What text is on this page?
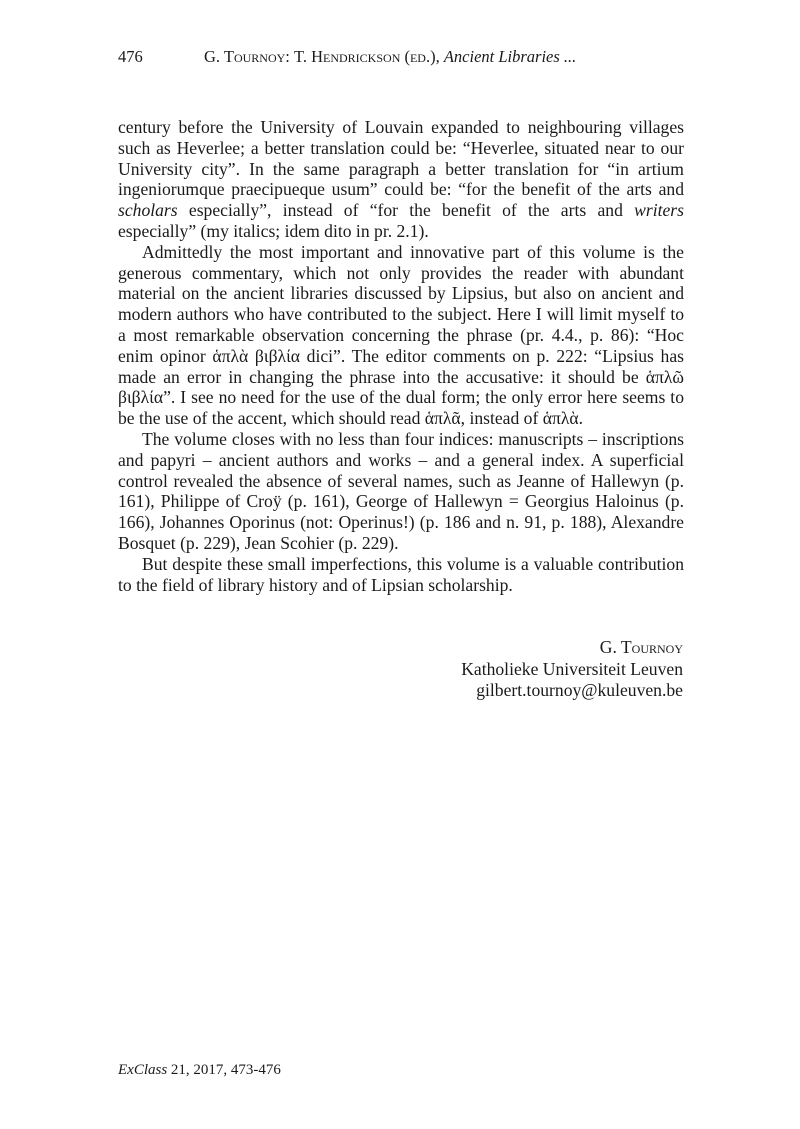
476	G. Tournoy: T. Hendrickson (ed.), Ancient Libraries ...

century before the University of Louvain expanded to neighbouring villages such as Heverlee; a better translation could be: “Heverlee, situated near to our University city”. In the same paragraph a better translation for “in artium ingeniorumque praecipueque usum” could be: “for the benefit of the arts and scholars especially”, instead of “for the benefit of the arts and writers especially” (my italics; idem dito in pr. 2.1).

Admittedly the most important and innovative part of this volume is the generous commentary, which not only provides the reader with abundant material on the ancient libraries discussed by Lipsius, but also on ancient and modern authors who have contributed to the subject. Here I will limit myself to a most remarkable observation concerning the phrase (pr. 4.4., p. 86): “Hoc enim opinor ἁπλὰ βιβλία dici”. The editor comments on p. 222: “Lipsius has made an error in changing the phrase into the accusative: it should be ἁπλῶ βιβλία”. I see no need for the use of the dual form; the only error here seems to be the use of the accent, which should read ἁπλᾶ, instead of ἁπλὰ.

The volume closes with no less than four indices: manuscripts – inscriptions and papyri – ancient authors and works – and a general index. A superficial control revealed the absence of several names, such as Jeanne of Hallewyn (p. 161), Philippe of Croÿ (p. 161), George of Hallewyn = Georgius Haloinus (p. 166), Johannes Oporinus (not: Operinus!) (p. 186 and n. 91, p. 188), Alexandre Bosquet (p. 229), Jean Scohier (p. 229).

But despite these small imperfections, this volume is a valuable contribution to the field of library history and of Lipsian scholarship.

G. Tournoy
Katholieke Universiteit Leuven
gilbert.tournoy@kuleuven.be
ExClass 21, 2017, 473-476
